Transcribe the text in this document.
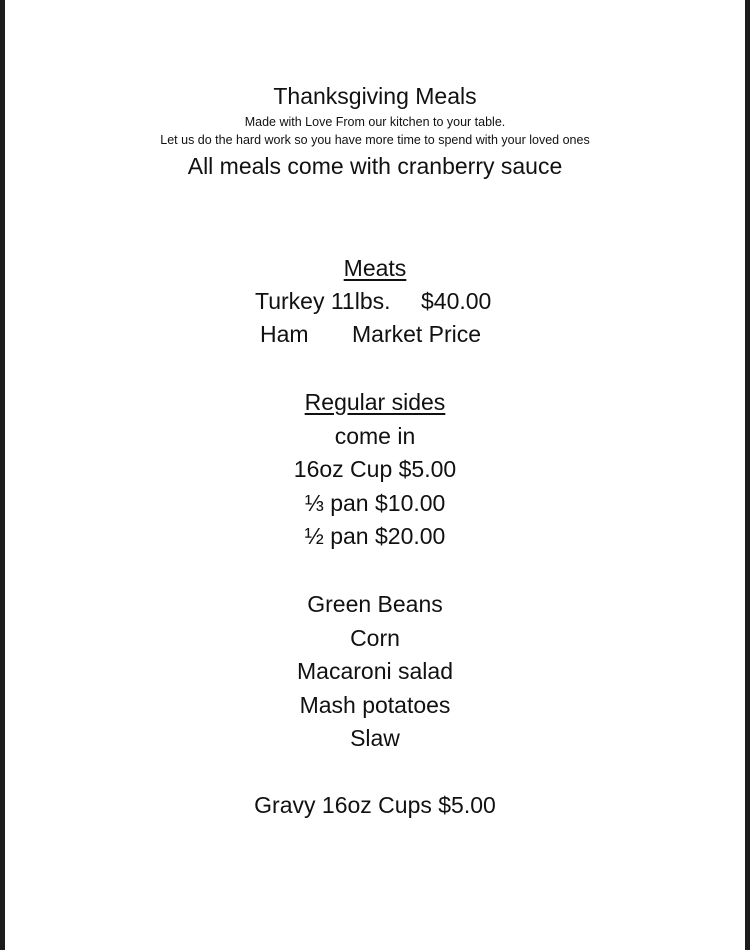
Thanksgiving Meals
Made with Love From our kitchen to your table.
Let us do the hard work so you have more time to spend with your loved ones
All meals come with cranberry sauce
Meats
Turkey 11lbs. $40.00
Ham Market Price
Regular sides
come in
16oz Cup $5.00
⅓ pan $10.00
½ pan $20.00
Green Beans
Corn
Macaroni salad
Mash potatoes
Slaw
Gravy 16oz Cups $5.00
